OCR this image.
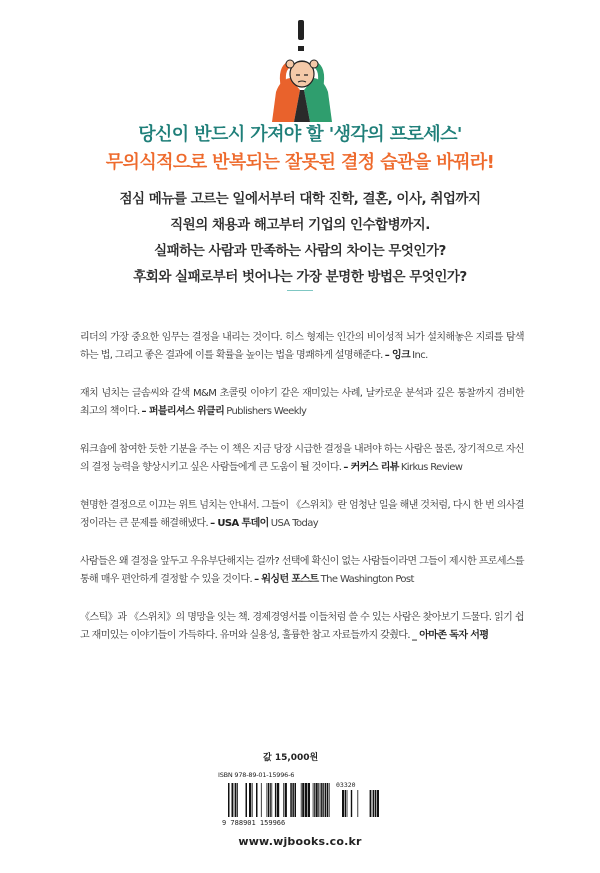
당신이 반드시 가져야 할 '생각의 프로세스'
무의식적으로 반복되는 잘못된 결정 습관을 바꿔라!
점심 메뉴를 고르는 일에서부터 대학 진학, 결혼, 이사, 취업까지
직원의 채용과 해고부터 기업의 인수합병까지.
실패하는 사람과 만족하는 사람의 차이는 무엇인가?
후회와 실패로부터 벗어나는 가장 분명한 방법은 무엇인가?

리더의 가장 중요한 임무는 결정을 내리는 것이다. 히스 형제는 인간의 비이성적 뇌가 설치해놓은 지뢰를 탐색하는 법, 그리고 좋은 결과에 이를 확률을 높이는 법을 명쾌하게 설명해준다. – 잉크 Inc.

재치 넘치는 글솜씨와 갈색 M&M 초콜릿 이야기 같은 재미있는 사례, 날카로운 분석과 깊은 통찰까지 겸비한 최고의 책이다. – 퍼블리셔스 위클리 Publishers Weekly

워크숍에 참여한 듯한 기분을 주는 이 책은 지금 당장 시급한 결정을 내려야 하는 사람은 물론, 장기적으로 자신의 결정 능력을 향상시키고 싶은 사람들에게 큰 도움이 될 것이다. – 커커스 리뷰 Kirkus Review

현명한 결정으로 이끄는 위트 넘치는 안내서. 그들이 《스위치》란 엄청난 일을 해낸 것처럼, 다시 한 번 의사결정이라는 큰 문제를 해결해냈다. – USA 투데이 USA Today

사람들은 왜 결정을 앞두고 우유부단해지는 걸까? 선택에 확신이 없는 사람들이라면 그들이 제시한 프로세스를 통해 매우 편안하게 결정할 수 있을 것이다. – 워싱턴 포스트 The Washington Post

《스틱》과 《스위치》의 명망을 잇는 책. 경제경영서를 이들처럼 쓸 수 있는 사람은 찾아보기 드물다. 읽기 쉽고 재미있는 이야기들이 가득하다. 유머와 실용성, 훌륭한 참고 자료들까지 갖췄다. _ 아마존 독자 서평

값 15,000원
ISBN 978-89-01-15996-6
9 788901 159966
03320
www.wjbooks.co.kr
